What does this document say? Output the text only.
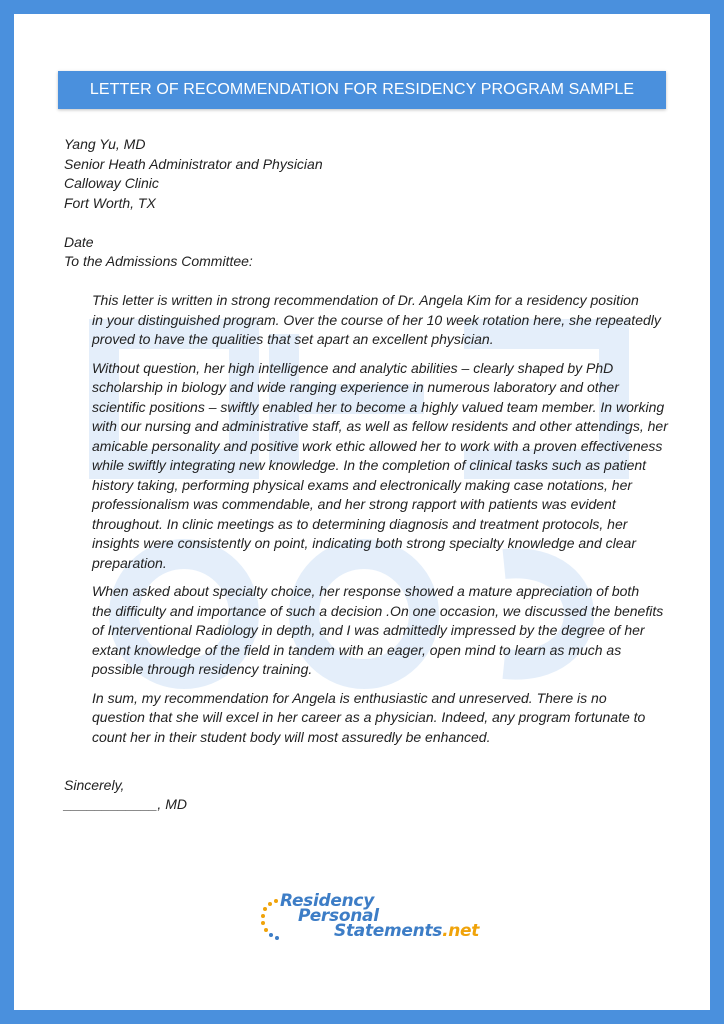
LETTER OF RECOMMENDATION FOR RESIDENCY PROGRAM SAMPLE
Yang Yu, MD
Senior Heath Administrator and Physician
Calloway Clinic
Fort Worth, TX
Date
To the Admissions Committee:
This letter is written in strong recommendation of Dr. Angela Kim for a residency position
in your distinguished program. Over the course of her 10 week rotation here, she repeatedly
proved to have the qualities that set apart an excellent physician.
Without question, her high intelligence and analytic abilities – clearly shaped by PhD
scholarship in biology and wide ranging experience in numerous laboratory and other
scientific positions – swiftly enabled her to become a highly valued team member. In working
with our nursing and administrative staff, as well as fellow residents and other attendings, her
amicable personality and positive work ethic allowed her to work with a proven effectiveness
while swiftly integrating new knowledge. In the completion of clinical tasks such as patient
history taking, performing physical exams and electronically making case notations, her
professionalism was commendable, and her strong rapport with patients was evident
throughout. In clinic meetings as to determining diagnosis and treatment protocols, her
insights were consistently on point, indicating both strong specialty knowledge and clear
preparation.
When asked about specialty choice, her response showed a mature appreciation of both
the difficulty and importance of such a decision .On one occasion, we discussed the benefits
of Interventional Radiology in depth, and I was admittedly impressed by the degree of her
extant knowledge of the field in tandem with an eager, open mind to learn as much as
possible through residency training.
In sum, my recommendation for Angela is enthusiastic and unreserved. There is no
question that she will excel in her career as a physician. Indeed, any program fortunate to
count her in their student body will most assuredly be enhanced.
Sincerely,
____________, MD
Residency
Personal
Statements.net
